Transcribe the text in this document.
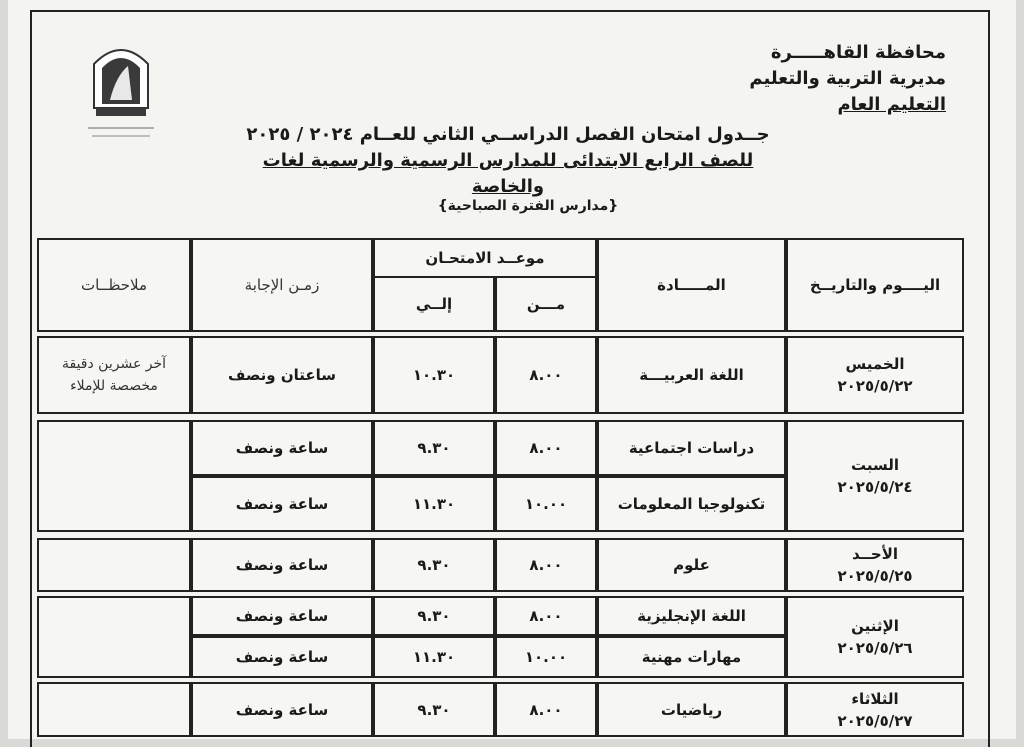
محافظة القاهـــــرة
مديرية التربية والتعليم
التعليم العام
جــدول امتحان الفصل الدراســي الثاني للعــام ٢٠٢٤ / ٢٠٢٥
للصف الرابع الابتدائى للمدارس الرسمية والرسمية لغات والخاصة
{مدارس الفترة الصباحية}
اليــــوم والتاريــخ
المـــــادة
موعــد الامتحـان
مـــن
إلــي
زمـن الإجابة
ملاحظــات
الخميس
٢٠٢٥/٥/٢٢
السبت
٢٠٢٥/٥/٢٤
الأحــد
٢٠٢٥/٥/٢٥
الإثنين
٢٠٢٥/٥/٢٦
الثلاثاء
٢٠٢٥/٥/٢٧
اللغة العربيـــة
٨.٠٠
١٠.٣٠
ساعتان ونصف
آخر عشرين دقيقة مخصصة للإملاء
دراسات اجتماعية
٨.٠٠
٩.٣٠
ساعة ونصف
تكنولوجيا المعلومات
١٠.٠٠
١١.٣٠
ساعة ونصف
علوم
٨.٠٠
٩.٣٠
ساعة ونصف
اللغة الإنجليزية
٨.٠٠
٩.٣٠
ساعة ونصف
مهارات مهنية
١٠.٠٠
١١.٣٠
ساعة ونصف
رياضيات
٨.٠٠
٩.٣٠
ساعة ونصف
